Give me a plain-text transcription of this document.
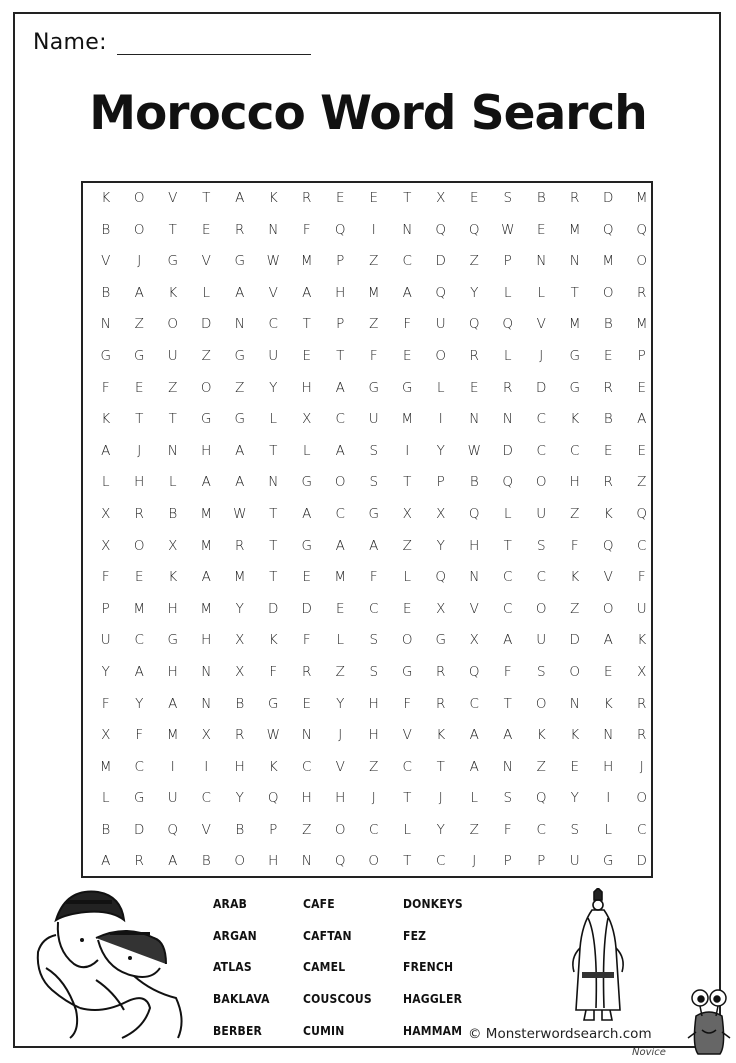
Name:
Morocco Word Search
K	O	V	T	A	K	R	E	E	T	X	E	S	B	R	D	M
B	O	T	E	R	N	F	Q	I	N	Q	Q	W	E	M	Q	Q
V	J	G	V	G	W	M	P	Z	C	D	Z	P	N	N	M	O
B	A	K	L	A	V	A	H	M	A	Q	Y	L	L	T	O	R
N	Z	O	D	N	C	T	P	Z	F	U	Q	Q	V	M	B	M
G	G	U	Z	G	U	E	T	F	E	O	R	L	J	G	E	P
F	E	Z	O	Z	Y	H	A	G	G	L	E	R	D	G	R	E
K	T	T	G	G	L	X	C	U	M	I	N	N	C	K	B	A
A	J	N	H	A	T	L	A	S	I	Y	W	D	C	C	E	E
L	H	L	A	A	N	G	O	S	T	P	B	Q	O	H	R	Z
X	R	B	M	W	T	A	C	G	X	X	Q	L	U	Z	K	Q
X	O	X	M	R	T	G	A	A	Z	Y	H	T	S	F	Q	C
F	E	K	A	M	T	E	M	F	L	Q	N	C	C	K	V	F
P	M	H	M	Y	D	D	E	C	E	X	V	C	O	Z	O	U
U	C	G	H	X	K	F	L	S	O	G	X	A	U	D	A	K
Y	A	H	N	X	F	R	Z	S	G	R	Q	F	S	O	E	X
F	Y	A	N	B	G	E	Y	H	F	R	C	T	O	N	K	R
X	F	M	X	R	W	N	J	H	V	K	A	A	K	K	N	R
M	C	I	I	H	K	C	V	Z	C	T	A	N	Z	E	H	J
L	G	U	C	Y	Q	H	H	J	T	J	L	S	Q	Y	I	O
B	D	Q	V	B	P	Z	O	C	L	Y	Z	F	C	S	L	C
A	R	A	B	O	H	N	Q	O	T	C	J	P	P	U	G	D
ARAB	CAFE	DONKEYS
ARGAN	CAFTAN	FEZ
ATLAS	CAMEL	FRENCH
BAKLAVA	COUSCOUS	HAGGLER
BERBER	CUMIN	HAMMAM © Monsterwordsearch.com
Novice
